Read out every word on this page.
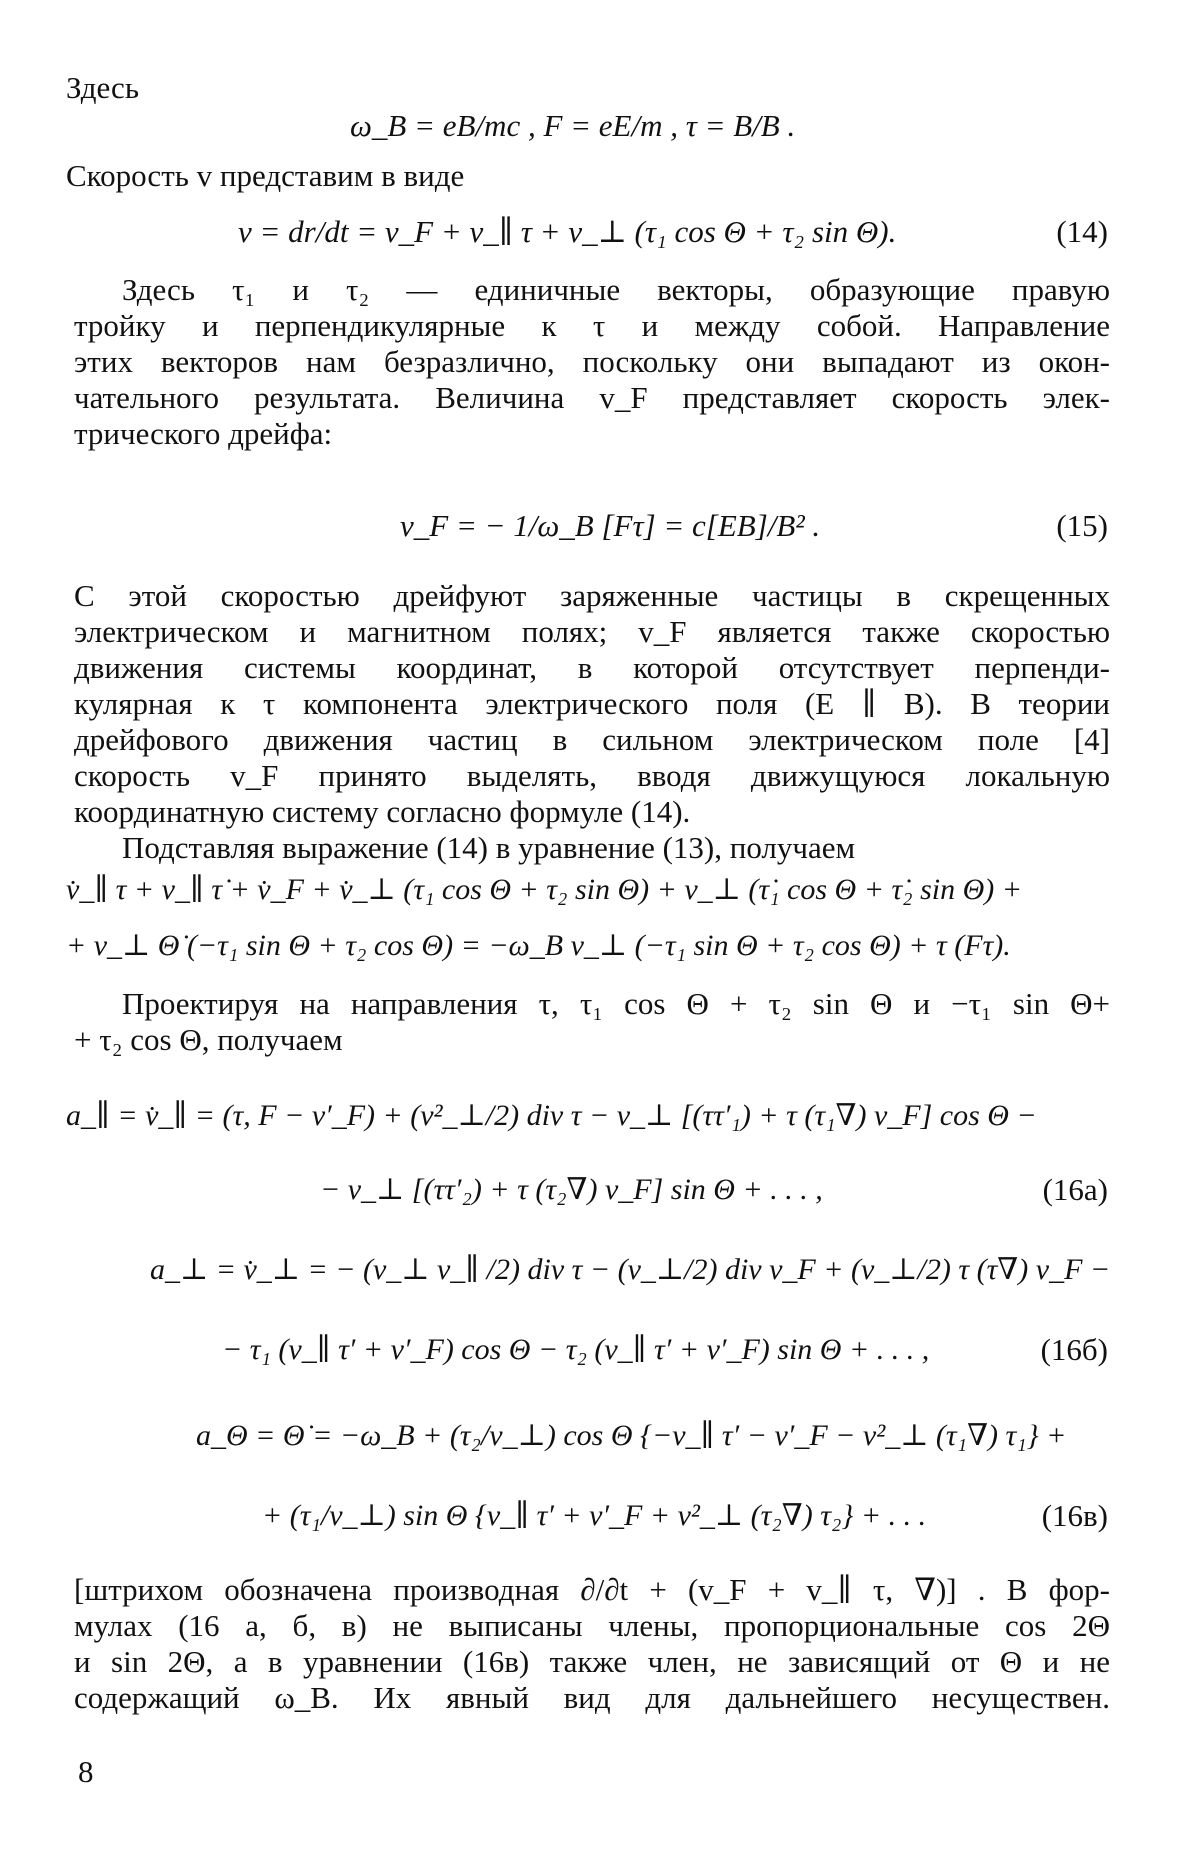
Здесь
ω_B = eB/mc , F = eE/m , τ = B/B .
Скорость v представим в виде
v = dr/dt = v_F + v_∥ τ + v_⊥ (τ₁ cos Θ + τ₂ sin Θ).	(14)
Здесь τ₁ и τ₂ — единичные векторы, образующие правую
тройку и перпендикулярные к τ и между собой. Направление
этих векторов нам безразлично, поскольку они выпадают из окон-
чательного результата. Величина v_F представляет скорость элек-
трического дрейфа:
v_F = − 1/ω_B [Fτ] = c[EB]/B² .	(15)
С этой скоростью дрейфуют заряженные частицы в скрещенных
электрическом и магнитном полях; v_F является также скоростью
движения системы координат, в которой отсутствует перпенди-
кулярная к τ компонента электрического поля (E ∥ B). В теории
дрейфового движения частиц в сильном электрическом поле [4]
скорость v_F принято выделять, вводя движущуюся локальную
координатную систему согласно формуле (14).
Подставляя выражение (14) в уравнение (13), получаем
v̇_∥ τ + v_∥ τ̇ + v̇_F + v̇_⊥ (τ₁ cos Θ + τ₂ sin Θ) + v_⊥ (τ̇₁ cos Θ + τ̇₂ sin Θ) +
+ v_⊥ Θ̇ (−τ₁ sin Θ + τ₂ cos Θ) = −ω_B v_⊥ (−τ₁ sin Θ + τ₂ cos Θ) + τ (Fτ).
Проектируя на направления τ, τ₁ cos Θ + τ₂ sin Θ и −τ₁ sin Θ+
+ τ₂ cos Θ, получаем
a_∥ = v̇_∥ = (τ, F − v′_F) + (v²_⊥/2) div τ − v_⊥ [(ττ′₁) + τ (τ₁∇) v_F] cos Θ −
− v_⊥ [(ττ′₂) + τ (τ₂∇) v_F] sin Θ + . . . ,	(16а)
a_⊥ = v̇_⊥ = − (v_⊥ v_∥ /2) div τ − (v_⊥/2) div v_F + (v_⊥/2) τ (τ∇) v_F −
− τ₁ (v_∥ τ′ + v′_F) cos Θ − τ₂ (v_∥ τ′ + v′_F) sin Θ + . . . ,	(16б)
a_Θ = Θ̇ = −ω_B + (τ₂/v_⊥) cos Θ {−v_∥ τ′ − v′_F − v²_⊥ (τ₁∇) τ₁} +
+ (τ₁/v_⊥) sin Θ {v_∥ τ′ + v′_F + v²_⊥ (τ₂∇) τ₂} + . . .	(16в)
[штрихом обозначена производная ∂/∂t + (v_F + v_∥ τ, ∇)] . В фор-
мулах (16 а, б, в) не выписаны члены, пропорциональные cos 2Θ
и sin 2Θ, а в уравнении (16в) также член, не зависящий от Θ и не
содержащий ω_B. Их явный вид для дальнейшего несуществен.
8
